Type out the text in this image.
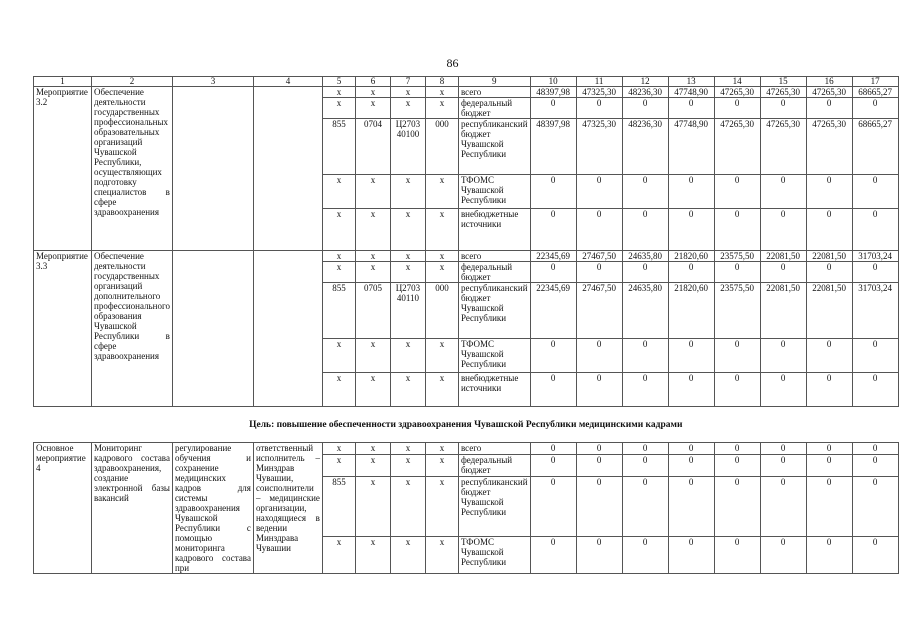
86
1	2	3	4	5	6	7	8	9	10	11	12	13	14	15	16	17
Мероприятие 3.2	Обеспечение деятельности государственных профессиональных образовательных организаций Чувашской Республики, осуществляющих подготовку специалистов в сфере здравоохранения			x	x	x	x	всего	48397,98	47325,30	48236,30	47748,90	47265,30	47265,30	47265,30	68665,27
				x	x	x	x	федеральный бюджет	0	0	0	0	0	0	0	0
				855	0704	Ц2703 40100	000	республиканский бюджет Чувашской Республики	48397,98	47325,30	48236,30	47748,90	47265,30	47265,30	47265,30	68665,27
				x	x	x	x	ТФОМС Чувашской Республики	0	0	0	0	0	0	0	0
				x	x	x	x	внебюджетные источники	0	0	0	0	0	0	0	0
Мероприятие 3.3	Обеспечение деятельности государственных организаций дополнительного профессионального образования Чувашской Республики в сфере здравоохранения			x	x	x	x	всего	22345,69	27467,50	24635,80	21820,60	23575,50	22081,50	22081,50	31703,24
				x	x	x	x	федеральный бюджет	0	0	0	0	0	0	0	0
				855	0705	Ц2703 40110	000	республиканский бюджет Чувашской Республики	22345,69	27467,50	24635,80	21820,60	23575,50	22081,50	22081,50	31703,24
				x	x	x	x	ТФОМС Чувашской Республики	0	0	0	0	0	0	0	0
				x	x	x	x	внебюджетные источники	0	0	0	0	0	0	0	0
Цель: повышение обеспеченности здравоохранения Чувашской Республики медицинскими кадрами																
Основное мероприятие 4	Мониторинг кадрового состава здравоохранения, создание электронной базы вакансий	регулирование обучения и сохранение медицинских кадров для системы здравоохранения Чувашской Республики с помощью мониторинга кадрового состава при	ответственный исполнитель – Минздрав Чувашии, соисполнители – медицинские организации, находящиеся в ведении Минздрава Чувашии	x	x	x	x	всего	0	0	0	0	0	0	0	0
				x	x	x	x	федеральный бюджет	0	0	0	0	0	0	0	0
				855	x	x	x	республиканский бюджет Чувашской Республики	0	0	0	0	0	0	0	0
				x	x	x	x	ТФОМС Чувашской Республики	0	0	0	0	0	0	0	0
